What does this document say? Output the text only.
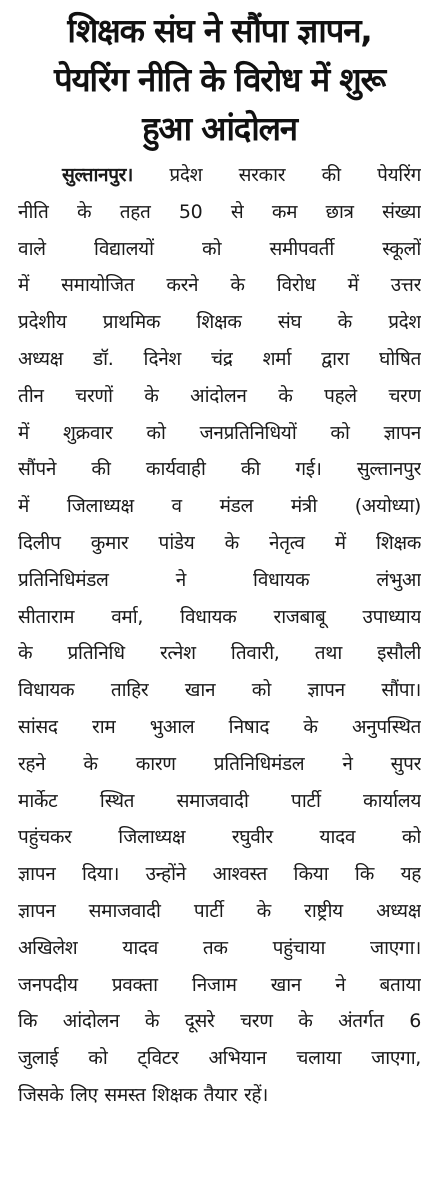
शिक्षक संघ ने सौंपा ज्ञापन,
पेयरिंग नीति के विरोध में शुरू
हुआ आंदोलन
सुल्तानपुर। प्रदेश सरकार की पेयरिंग
नीति के तहत 50 से कम छात्र संख्या
वाले विद्यालयों को समीपवर्ती स्कूलों
में समायोजित करने के विरोध में उत्तर
प्रदेशीय प्राथमिक शिक्षक संघ के प्रदेश
अध्यक्ष डॉ. दिनेश चंद्र शर्मा द्वारा घोषित
तीन चरणों के आंदोलन के पहले चरण
में शुक्रवार को जनप्रतिनिधियों को ज्ञापन
सौंपने की कार्यवाही की गई। सुल्तानपुर
में जिलाध्यक्ष व मंडल मंत्री (अयोध्या)
दिलीप कुमार पांडेय के नेतृत्व में शिक्षक
प्रतिनिधिमंडल ने विधायक लंभुआ
सीताराम वर्मा, विधायक राजबाबू उपाध्याय
के प्रतिनिधि रत्नेश तिवारी, तथा इसौली
विधायक ताहिर खान को ज्ञापन सौंपा।
सांसद राम भुआल निषाद के अनुपस्थित
रहने के कारण प्रतिनिधिमंडल ने सुपर
मार्केट स्थित समाजवादी पार्टी कार्यालय
पहुंचकर जिलाध्यक्ष रघुवीर यादव को
ज्ञापन दिया। उन्होंने आश्वस्त किया कि यह
ज्ञापन समाजवादी पार्टी के राष्ट्रीय अध्यक्ष
अखिलेश यादव तक पहुंचाया जाएगा।
जनपदीय प्रवक्ता निजाम खान ने बताया
कि आंदोलन के दूसरे चरण के अंतर्गत 6
जुलाई को ट्विटर अभियान चलाया जाएगा,
जिसके लिए समस्त शिक्षक तैयार रहें।
